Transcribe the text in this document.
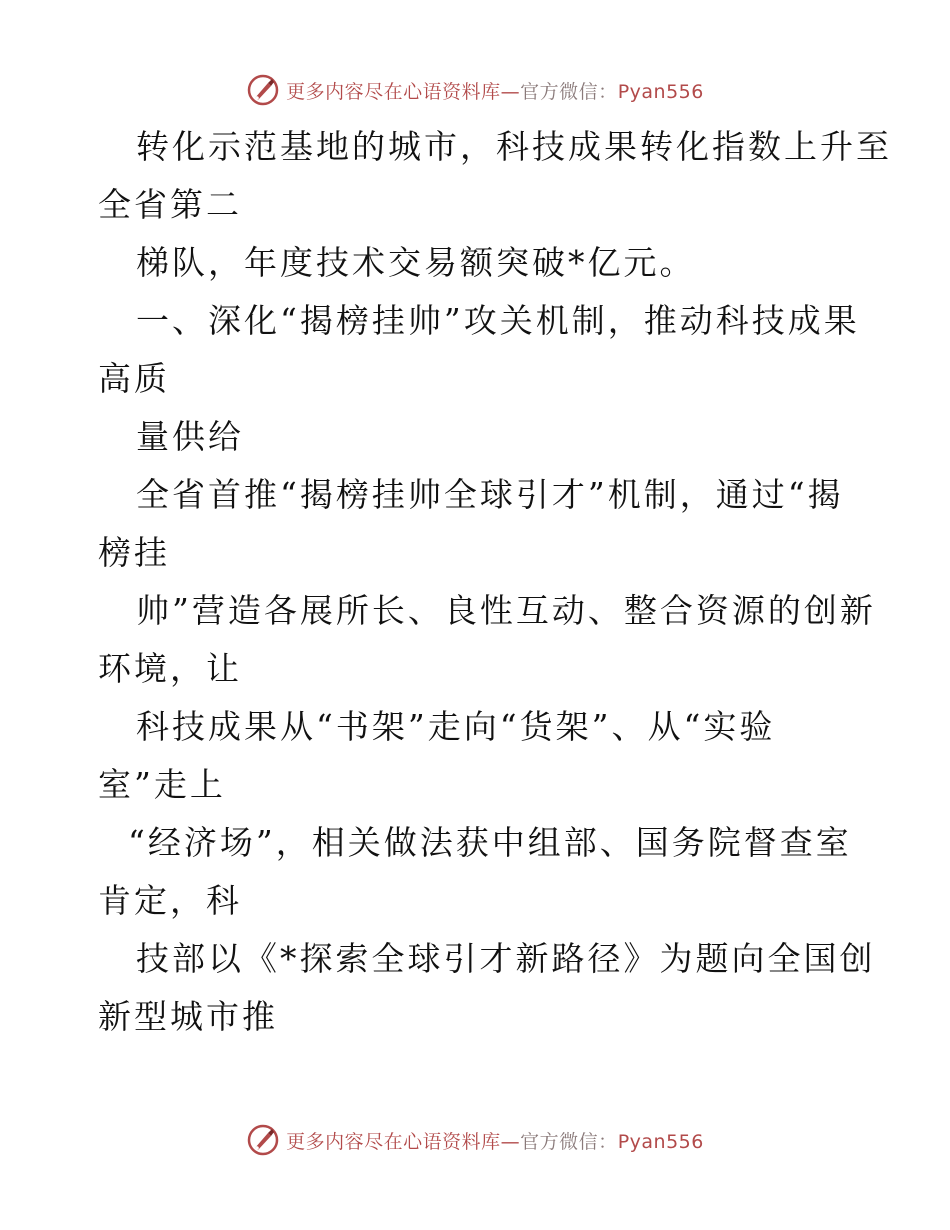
更多内容尽在心语资料库—官方微信：Pyan556
转化示范基地的城市，科技成果转化指数上升至
全省第二
梯队，年度技术交易额突破*亿元。
一、深化“揭榜挂帅”攻关机制，推动科技成果
高质
量供给
全省首推“揭榜挂帅全球引才”机制，通过“揭
榜挂
帅”营造各展所长、良性互动、整合资源的创新
环境，让
科技成果从“书架”走向“货架”、从“实验
室”走上
“经济场”，相关做法获中组部、国务院督查室
肯定，科
技部以《*探索全球引才新路径》为题向全国创
新型城市推
更多内容尽在心语资料库—官方微信：Pyan556
